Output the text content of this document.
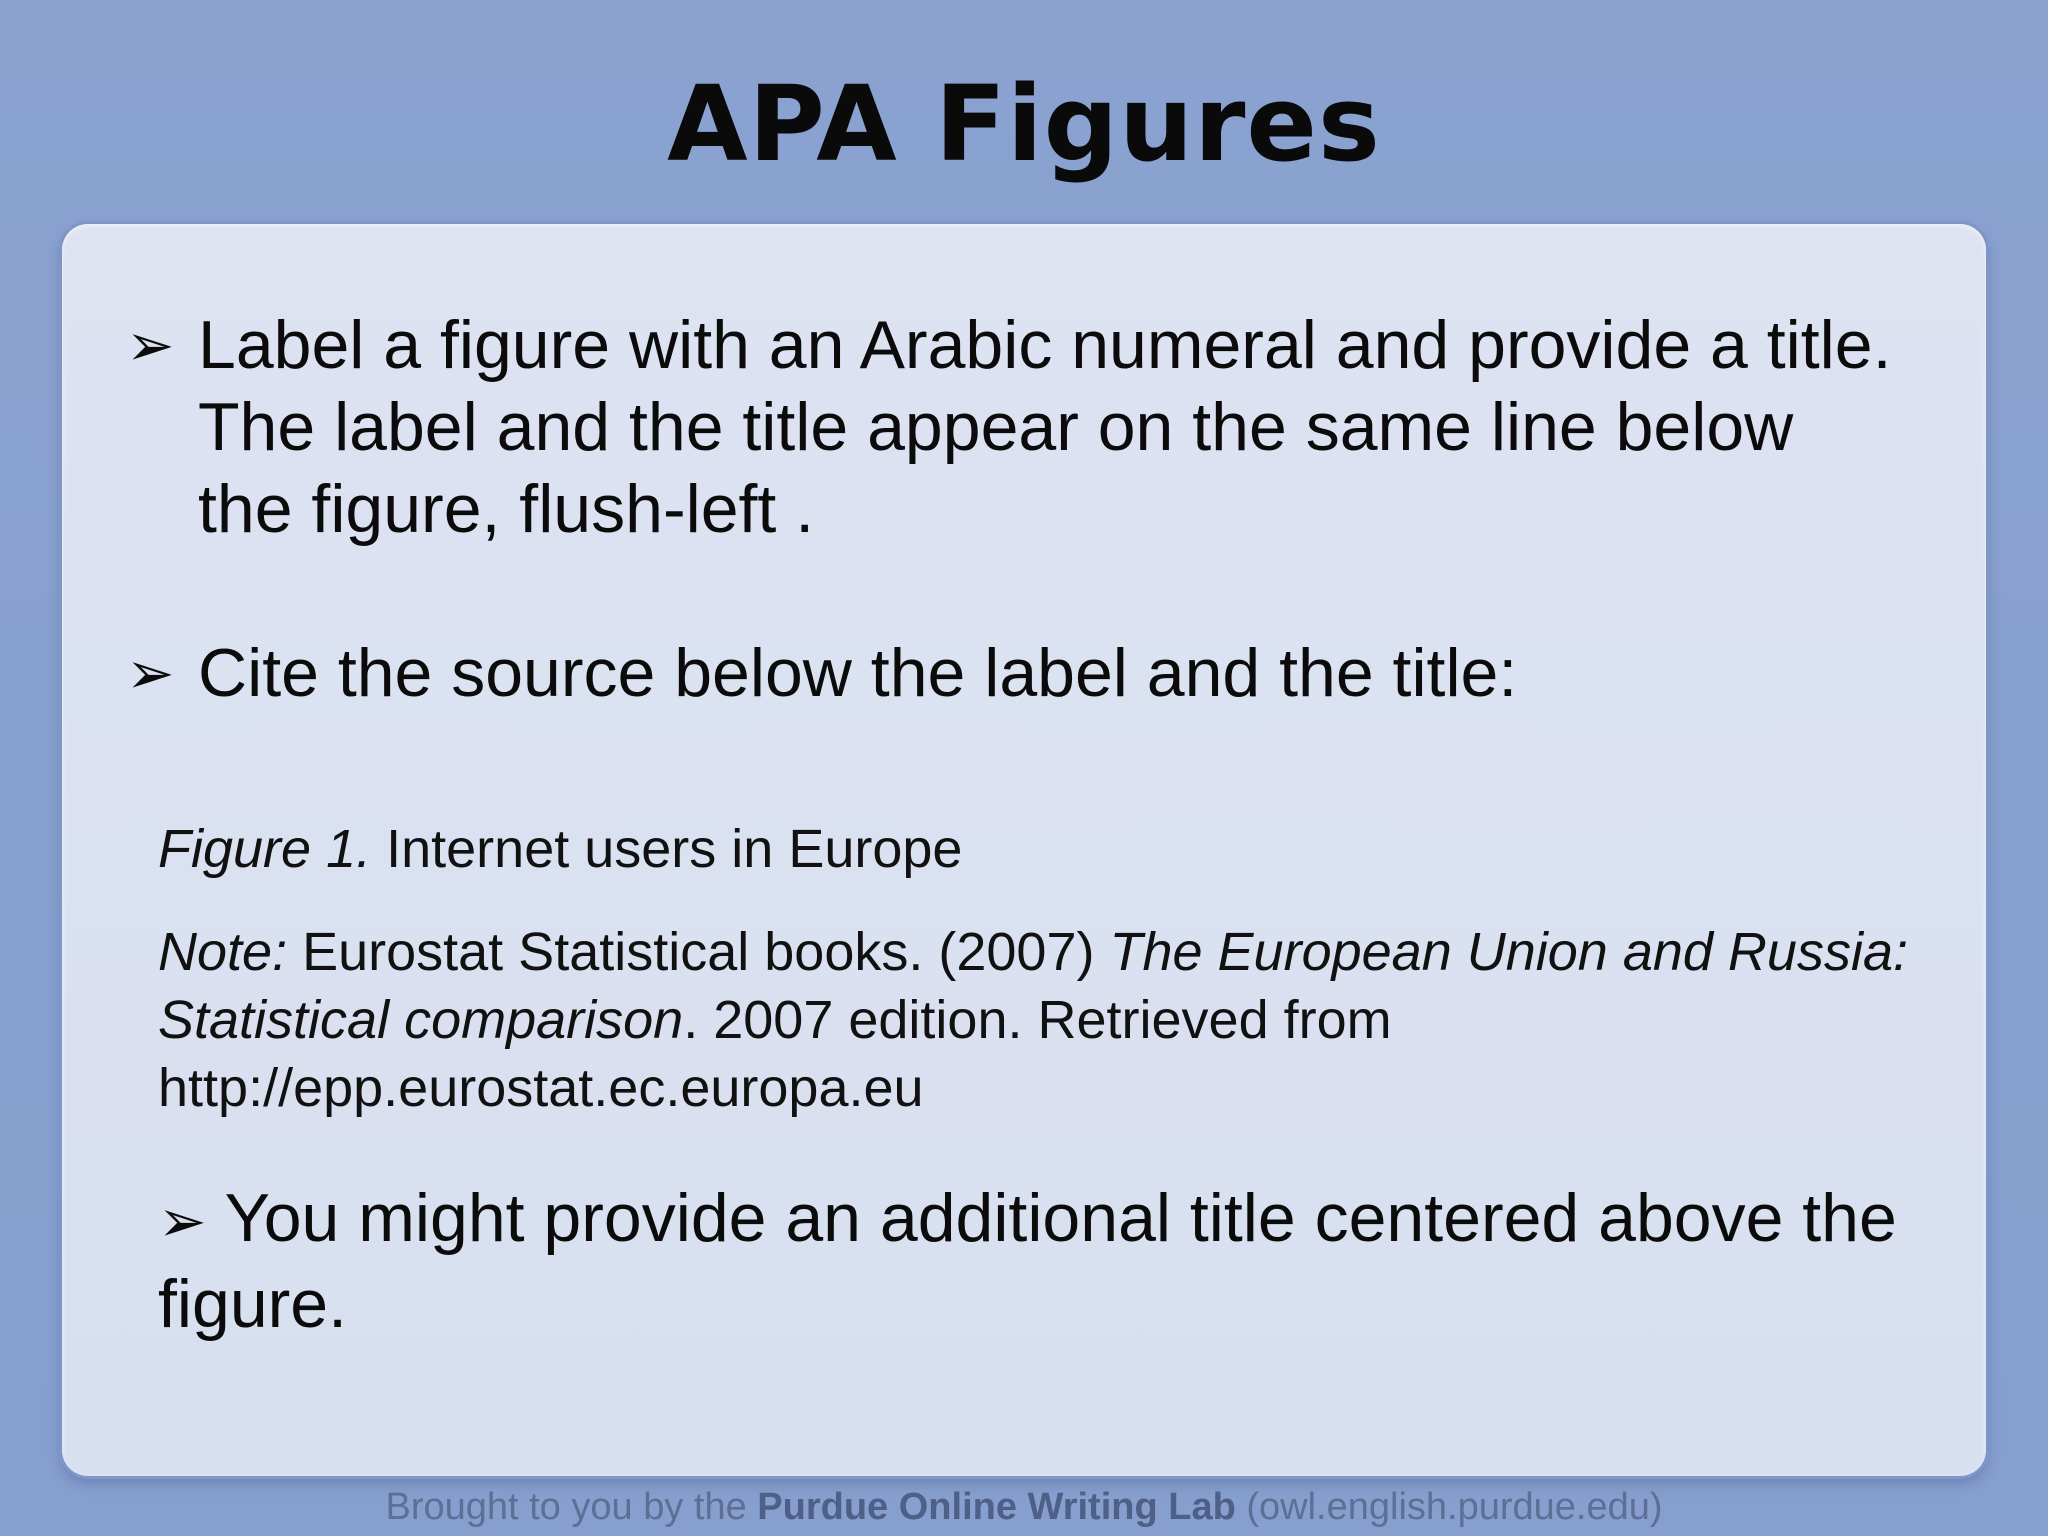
APA Figures
➢ Label a figure with an Arabic numeral and provide a title. The label and the title appear on the same line below the figure, flush-left .
➢ Cite the source below the label and the title:
Figure 1. Internet users in Europe
Note: Eurostat Statistical books. (2007) The European Union and Russia: Statistical comparison. 2007 edition. Retrieved from http://epp.eurostat.ec.europa.eu
➢ You might provide an additional title centered above the figure.
Brought to you by the Purdue Online Writing Lab (owl.english.purdue.edu)
